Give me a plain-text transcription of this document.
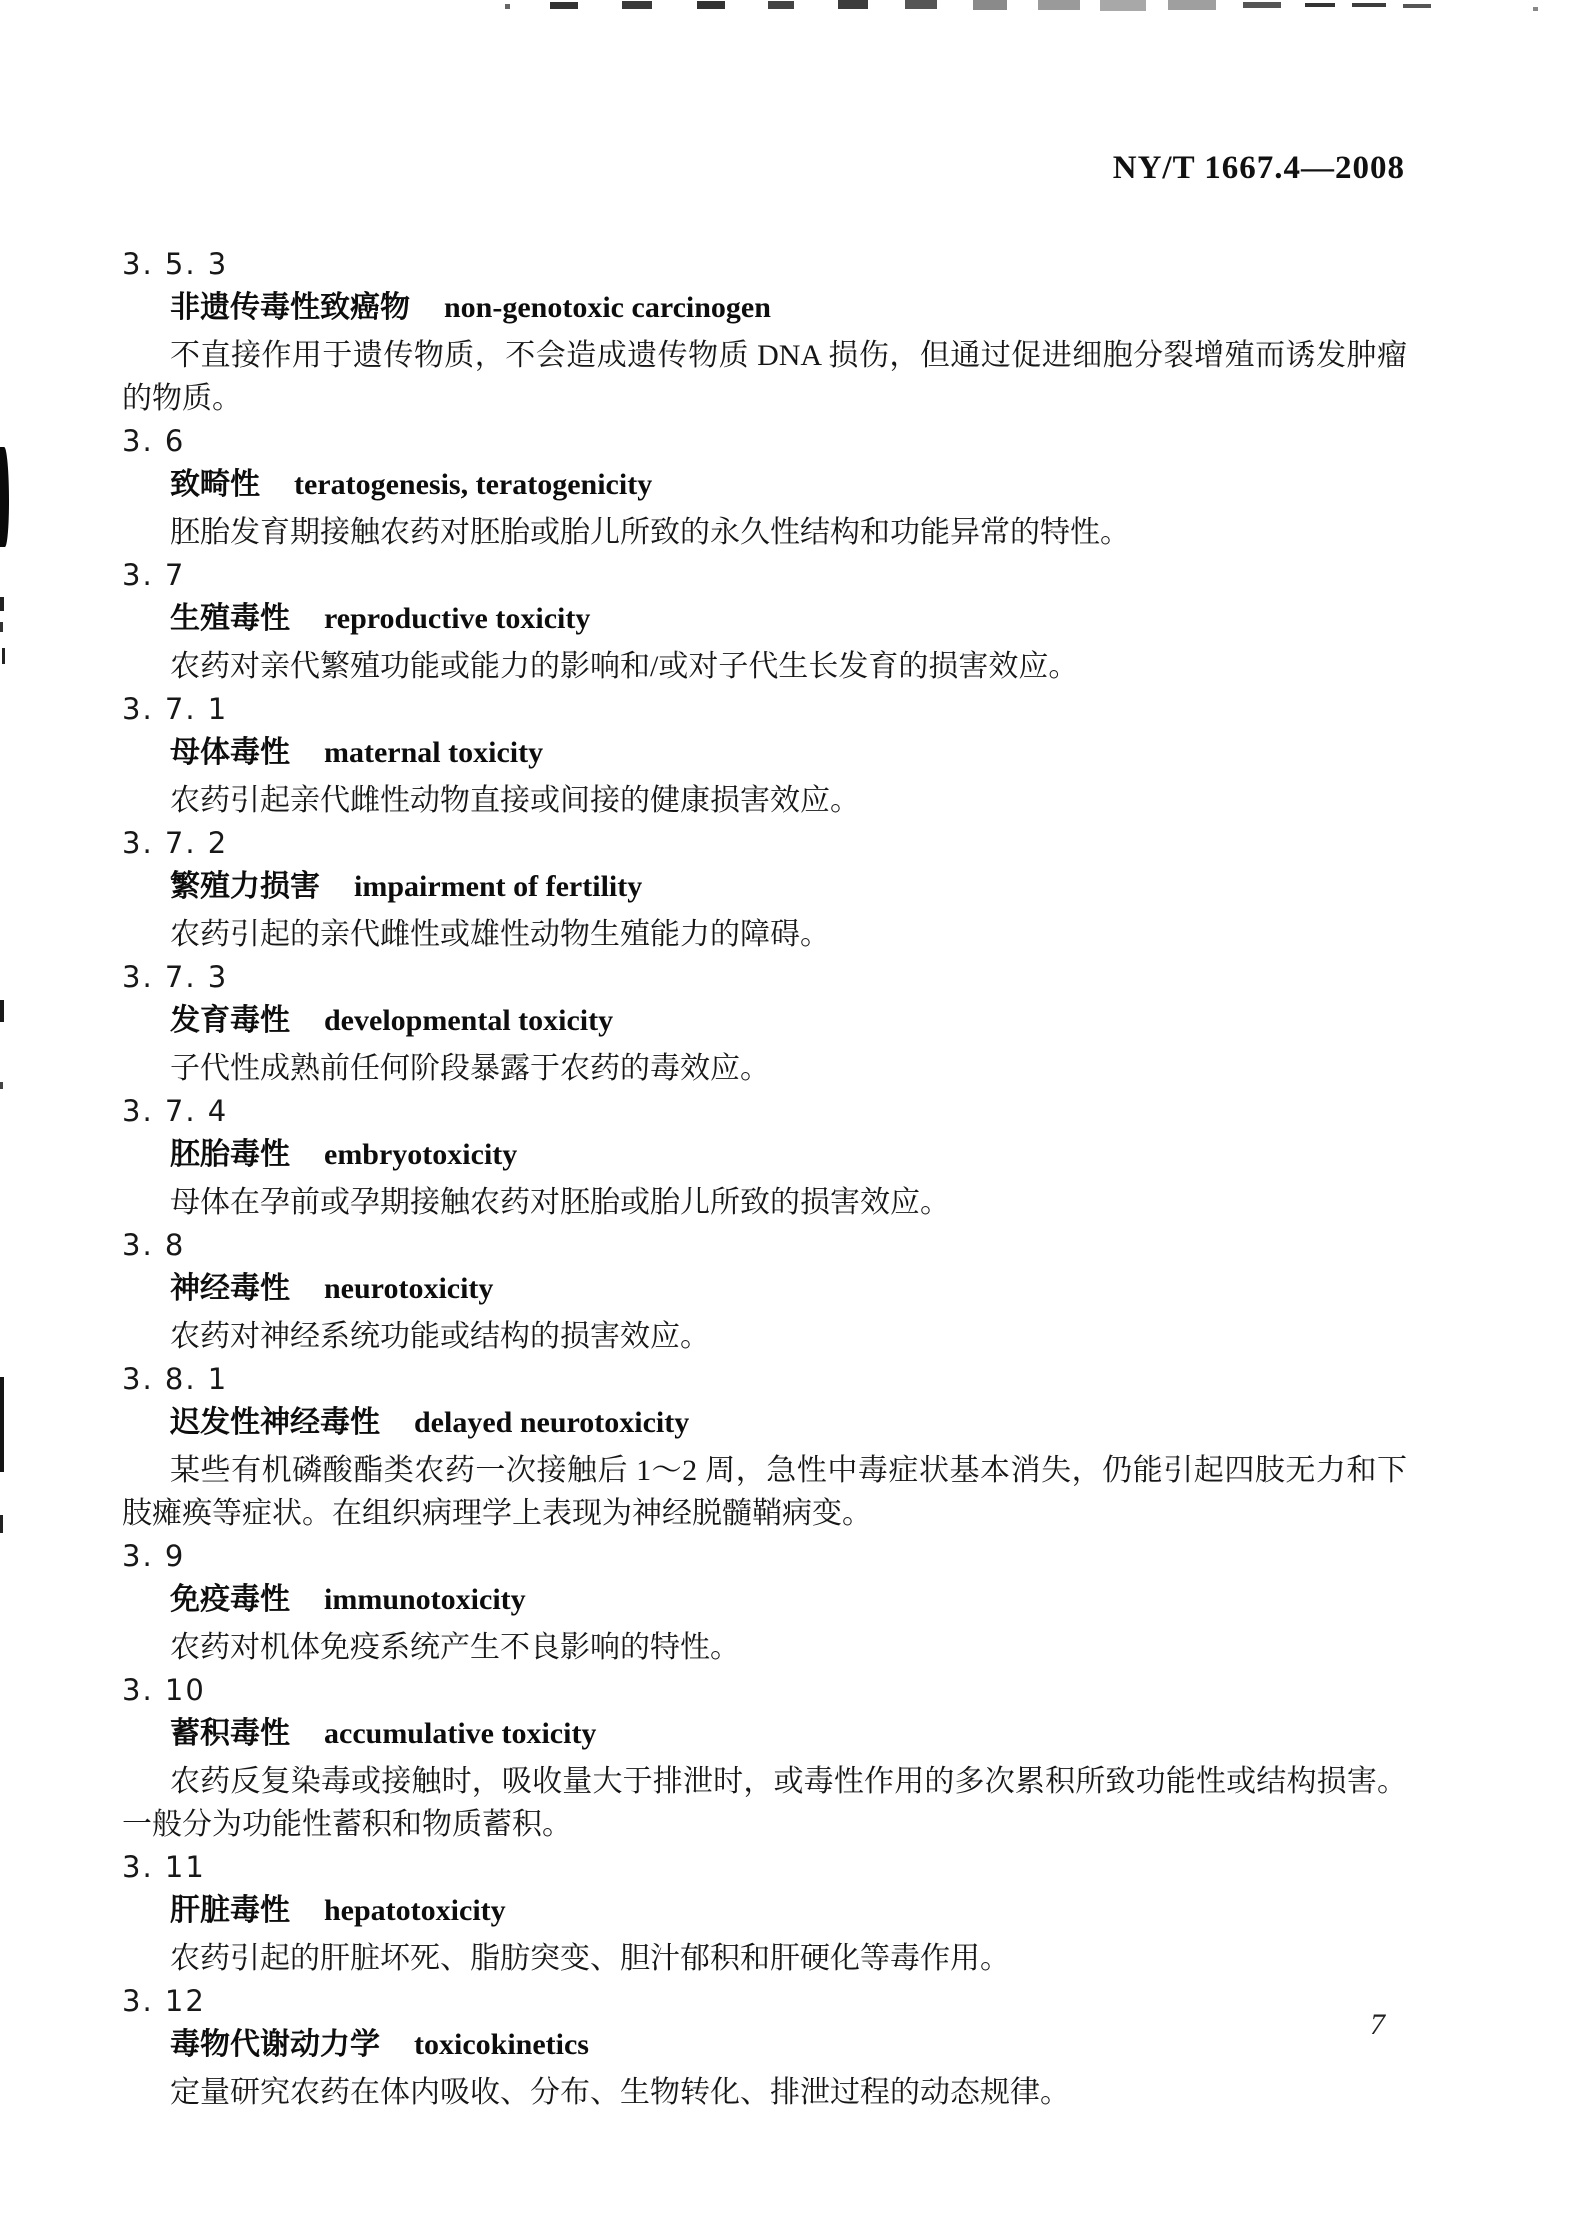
NY/T 1667.4—2008
3. 5. 3
非遗传毒性致癌物 non-genotoxic carcinogen
不直接作用于遗传物质，不会造成遗传物质 DNA 损伤，但通过促进细胞分裂增殖而诱发肿瘤的物质。
3. 6
致畸性 teratogenesis, teratogenicity
胚胎发育期接触农药对胚胎或胎儿所致的永久性结构和功能异常的特性。
3. 7
生殖毒性 reproductive toxicity
农药对亲代繁殖功能或能力的影响和/或对子代生长发育的损害效应。
3. 7. 1
母体毒性 maternal toxicity
农药引起亲代雌性动物直接或间接的健康损害效应。
3. 7. 2
繁殖力损害 impairment of fertility
农药引起的亲代雌性或雄性动物生殖能力的障碍。
3. 7. 3
发育毒性 developmental toxicity
子代性成熟前任何阶段暴露于农药的毒效应。
3. 7. 4
胚胎毒性 embryotoxicity
母体在孕前或孕期接触农药对胚胎或胎儿所致的损害效应。
3. 8
神经毒性 neurotoxicity
农药对神经系统功能或结构的损害效应。
3. 8. 1
迟发性神经毒性 delayed neurotoxicity
某些有机磷酸酯类农药一次接触后 1～2 周，急性中毒症状基本消失，仍能引起四肢无力和下肢瘫痪等症状。在组织病理学上表现为神经脱髓鞘病变。
3. 9
免疫毒性 immunotoxicity
农药对机体免疫系统产生不良影响的特性。
3. 10
蓄积毒性 accumulative toxicity
农药反复染毒或接触时，吸收量大于排泄时，或毒性作用的多次累积所致功能性或结构损害。一般分为功能性蓄积和物质蓄积。
3. 11
肝脏毒性 hepatotoxicity
农药引起的肝脏坏死、脂肪突变、胆汁郁积和肝硬化等毒作用。
3. 12
毒物代谢动力学 toxicokinetics
定量研究农药在体内吸收、分布、生物转化、排泄过程的动态规律。
7
